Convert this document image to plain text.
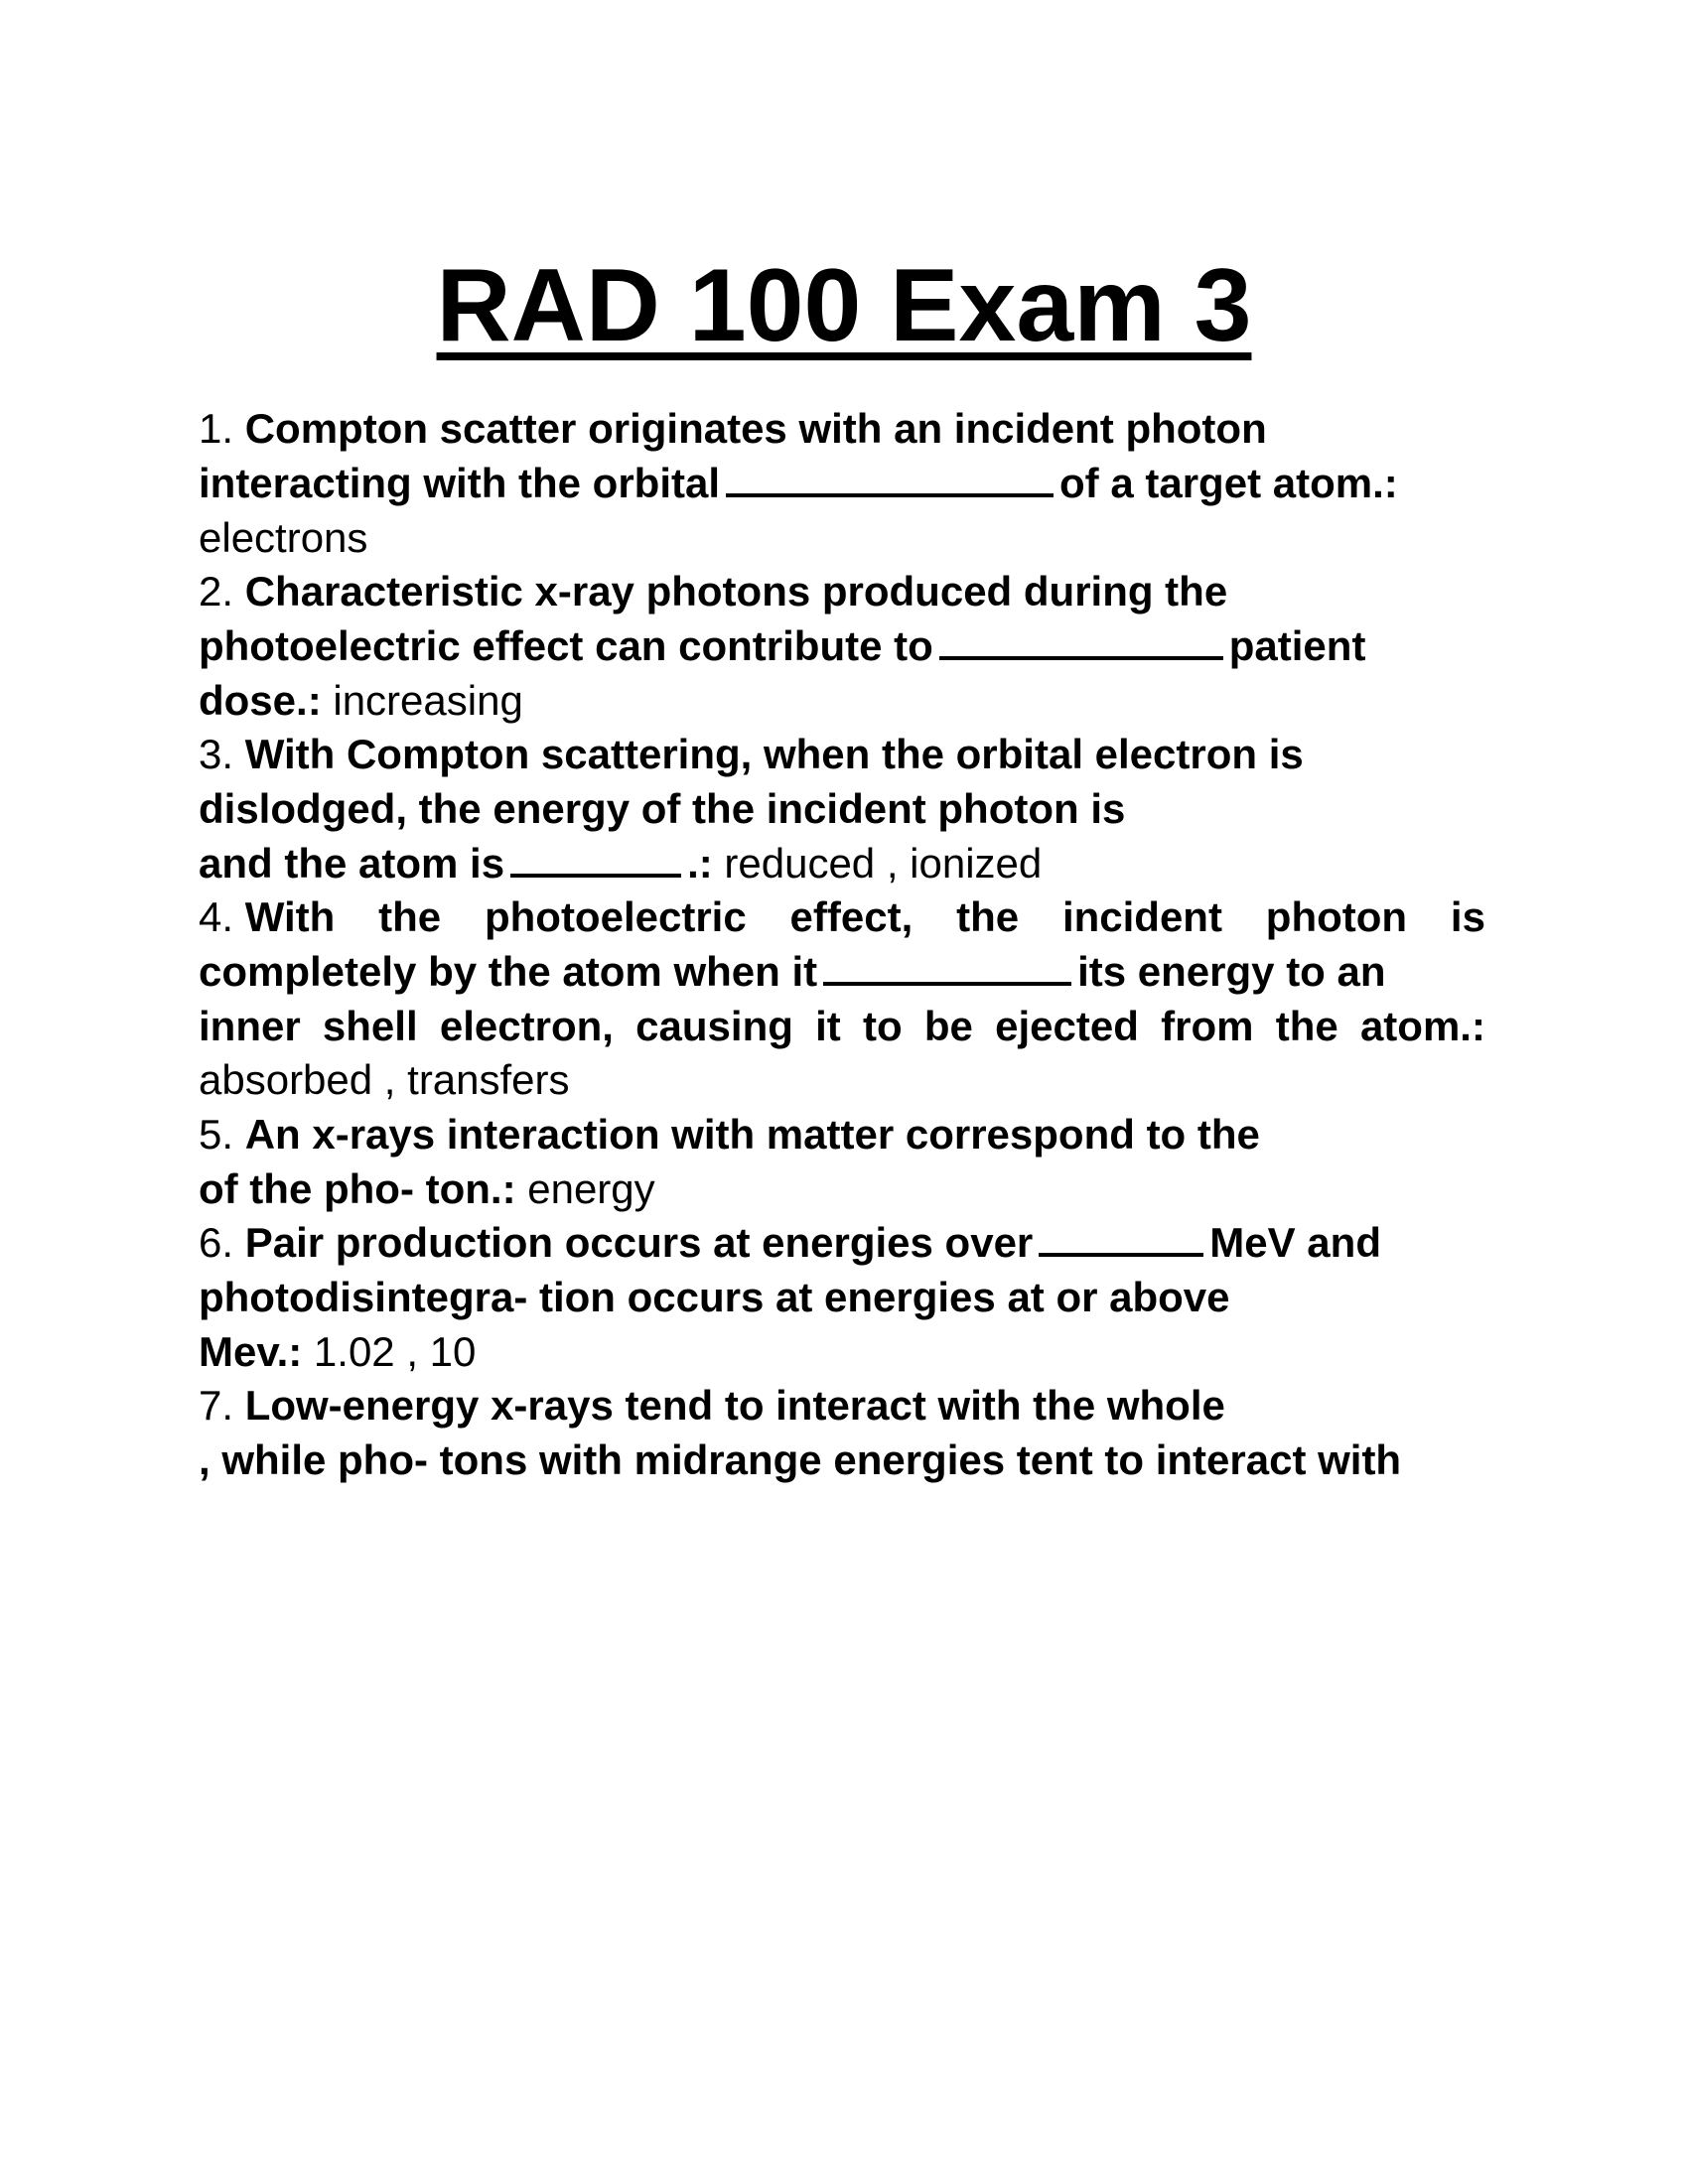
RAD 100 Exam 3
1. Compton scatter originates with an incident photon
interacting with the orbital	of a target atom.:
electrons
2. Characteristic x-ray photons produced during the
photoelectric effect can contribute to	patient
dose.: increasing
3. With Compton scattering, when the orbital electron is
dislodged, the energy of the incident photon is
and the atom is	.: reduced , ionized
4. With the photoelectric effect, the incident photon is
completely by the atom when it	its energy to an
inner shell electron, causing it to be ejected from the atom.:
absorbed , transfers
5. An x-rays interaction with matter correspond to the
of the pho- ton.: energy
6. Pair production occurs at energies over	MeV and
photodisintegra- tion occurs at energies at or above
Mev.: 1.02 , 10
7. Low-energy x-rays tend to interact with the whole
, while pho- tons with midrange energies tent to interact with
